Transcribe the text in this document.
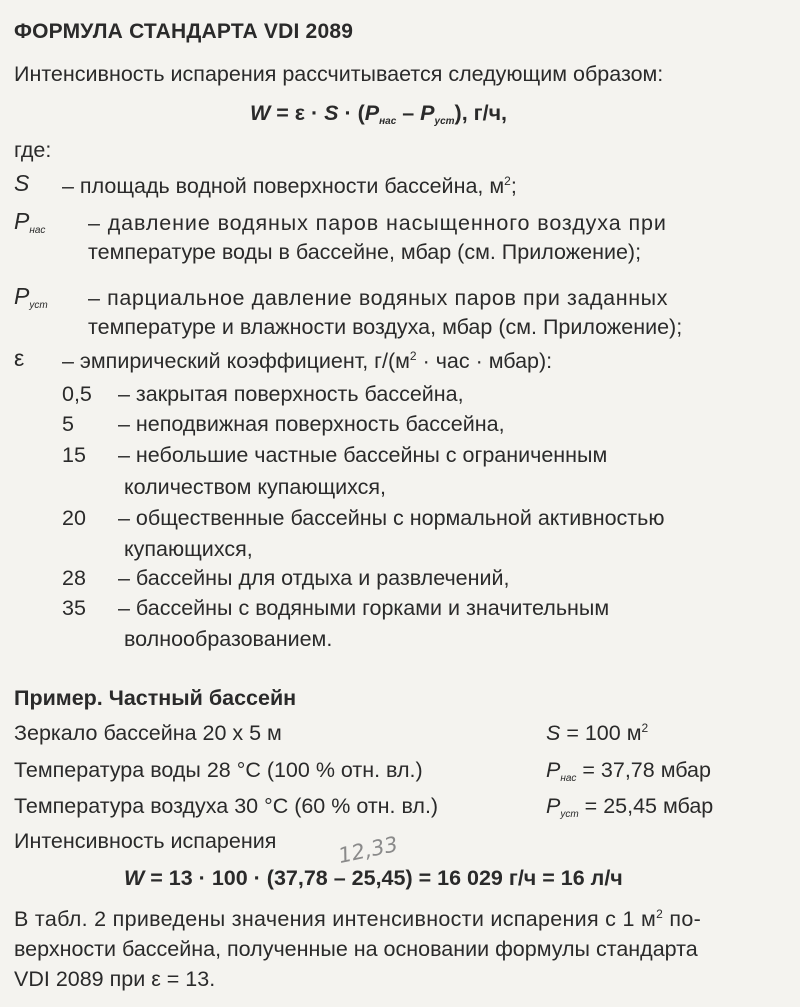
ФОРМУЛА СТАНДАРТА VDI 2089
Интенсивность испарения рассчитывается следующим образом:
$W = \varepsilon \cdot S \cdot (P_{нас} - P_{уст})$, г/ч,
где:
S – площадь водной поверхности бассейна, $м^2$;
$P_{нас}$ – давление водяных паров насыщенного воздуха при
температуре воды в бассейне, мбар (см. Приложение);
$P_{уст}$ – парциальное давление водяных паров при заданных
температуре и влажности воздуха, мбар (см. Приложение);
ε – эмпирический коэффициент, $г/(м^2$ · час · мбар):
0,5 – закрытая поверхность бассейна,
5 – неподвижная поверхность бассейна,
15 – небольшие частные бассейны с ограниченным
количеством купающихся,
20 – общественные бассейны с нормальной активностью
купающихся,
28 – бассейны для отдыха и развлечений,
35 – бассейны с водяными горками и значительным
волнообразованием.
Пример. Частный бассейн
Зеркало бассейна 20 x 5 м	S = 100 $м^2$
Температура воды 28 °С (100 % отн. вл.)	$P_{нас} = 37,78$ мбар
Температура воздуха 30 °С (60 % отн. вл.)	$P_{уст} = 25,45$ мбар
Интенсивность испарения	12,33
W = 13 · 100 · (37,78 – 25,45) = 16 029 г/ч = 16 л/ч
В табл. 2 приведены значения интенсивности испарения с 1 $м^2$ по-
верхности бассейна, полученные на основании формулы стандарта
VDI 2089 при ε = 13.
